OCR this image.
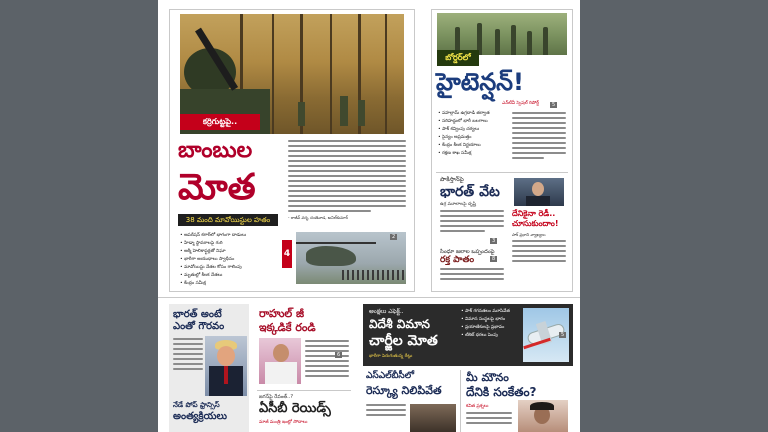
కర్రిగుట్టపై..
బాంబుల
మోత
38 మంది మావోయిస్టుల హతం	- రాజీవ్‌ వర్మ, దంతెవాడ, అనిల్‌కుమార్‌
• ఆపరేషన్‌ కగార్‌లో భాగంగా దాడులు
• హిడ్మా స్థావరాలపై గురి
• ఆర్మీ హెలికాఫ్టర్లతో నిఘా
• భారీగా ఆయుధాలు స్వాధీనం
• మావోయిస్టు నేతల కోసం గాలింపు
• మృతుల్లో కీలక నేతలు
• కేంద్రం సమీక్ష
4
2
బోర్డర్‌లో
హైటెన్షన్‌!
ఎన్‌టీవీ స్పెషల్‌ రిపోర్ట్‌	5
• పహల్గామ్‌ ఉగ్రదాడి తర్వాత
• సరిహద్దులో భారీ బలగాలు
• పాక్‌ కవ్వింపు చర్యలు
• సైన్యం అప్రమత్తం
• కేంద్రం కీలక నిర్ణయాలు
• రక్షణ శాఖ సమీక్ష
పాకిస్తాన్‌పై
భారత్‌ వేట
ఉగ్ర మూలాలపై దృష్టి
3
దేనికైనా రెడీ..
చూసుకుందాం!
పాక్‌ ప్రధాని వ్యాఖ్యలు
సింధూ జలాల ఒప్పందంపై
రక్త పాతం	8
భారత్‌ అంటే
ఎంతో గౌరవం
నేడే పోప్‌ ఫ్రాన్సిస్‌
అంత్యక్రియలు
రాహుల్‌ జీ
ఇక్కడికే రండి
6
జగన్‌పై రేవంత్‌..?
ఏసీబీ రెయిడ్స్‌
మాజీ మంత్రి ఇంట్లో సోదాలు
అంక్షలు ఎఫెక్ట్‌..
విదేశీ విమాన
చార్జీల మోత
భారీగా పెరుగుతున్న రేట్లు
• పాక్‌ గగనతలం మూసివేత
• విమాన సంస్థలపై భారం
• ప్రయాణికులపై ప్రభావం
• టికెట్‌ ధరలు పెంపు	5
ఎస్‌ఎల్‌బీసీలో
రెస్క్యూ నిలిపివేత
మీ మౌనం
దేనికి సంకేతం?
కవిత ప్రశ్నలు
